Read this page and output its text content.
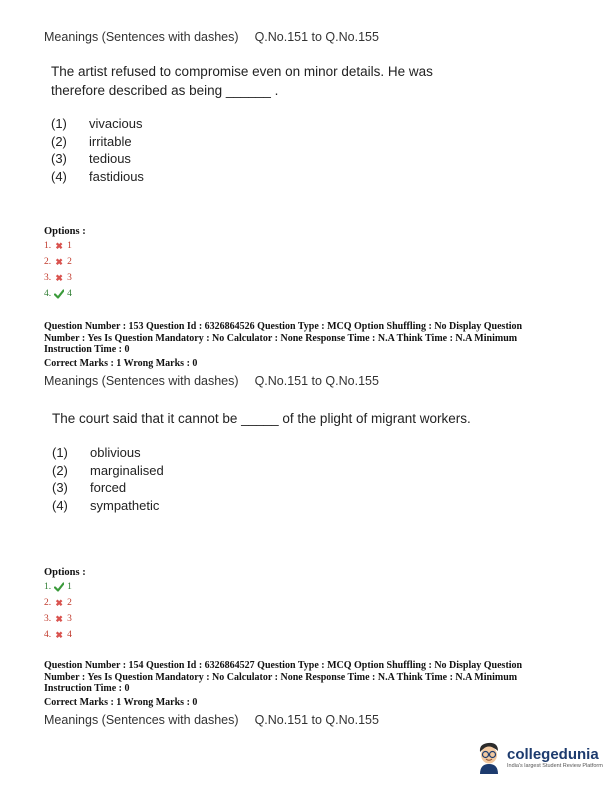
Meanings (Sentences with dashes) Q.No.151 to Q.No.155
The artist refused to compromise even on minor details. He was
therefore described as being ______ .
(1)	vivacious
(2)	irritable
(3)	tedious
(4)	fastidious
Options :
1. ✖ 1
2. ✖ 2
3. ✖ 3
4. 4
Question Number : 153 Question Id : 6326864526 Question Type : MCQ Option Shuffling : No Display Question
Number : Yes Is Question Mandatory : No Calculator : None Response Time : N.A Think Time : N.A Minimum
Instruction Time : 0
Correct Marks : 1 Wrong Marks : 0
Meanings (Sentences with dashes) Q.No.151 to Q.No.155
The court said that it cannot be _____ of the plight of migrant workers.
(1)	oblivious
(2)	marginalised
(3)	forced
(4)	sympathetic
Options :
1. 1
2. ✖ 2
3. ✖ 3
4. ✖ 4
Question Number : 154 Question Id : 6326864527 Question Type : MCQ Option Shuffling : No Display Question
Number : Yes Is Question Mandatory : No Calculator : None Response Time : N.A Think Time : N.A Minimum
Instruction Time : 0
Correct Marks : 1 Wrong Marks : 0
Meanings (Sentences with dashes) Q.No.151 to Q.No.155
collegedunia
India's largest Student Review Platform
